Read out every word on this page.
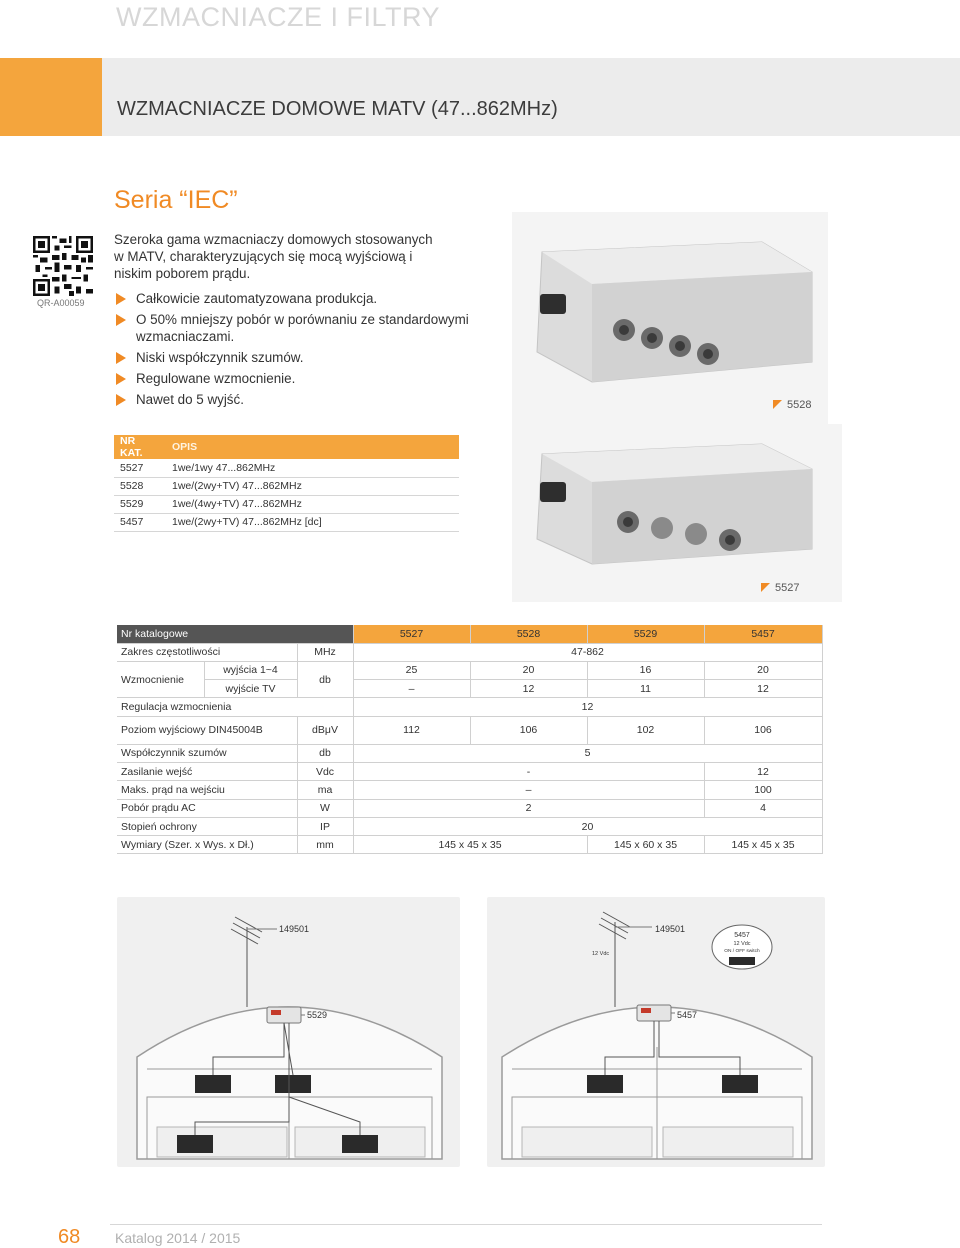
WZMACNIACZE I FILTRY
WZMACNIACZE DOMOWE MATV (47...862MHz)
Seria “IEC”
QR-A00059
Szeroka gama wzmacniaczy domowych stosowanych w MATV, charakteryzujących się mocą wyjściową i niskim poborem prądu.
Całkowicie zautomatyzowana produkcja.
O 50% mniejszy pobór w porównaniu ze standardowymi wzmacniaczami.
Niski współczynnik szumów.
Regulowane wzmocnienie.
Nawet do 5 wyjść.	5528
5527
NR KAT.	OPIS
5527	1we/1wy 47...862MHz
5528	1we/(2wy+TV) 47...862MHz
5529	1we/(4wy+TV) 47...862MHz
5457	1we/(2wy+TV) 47...862MHz [dc]
Nr katalogowe			5527	5528	5529	5457
Zakres częstotliwości		MHz	47-862			
Wzmocnienie	wyjścia 1~4	db	25	20	16	20
	wyjście TV		–	12	11	12
Regulacja wzmocnienia			12			
Poziom wyjściowy DIN45004B		dBμV	112	106	102	106
Współczynnik szumów		db	5			
Zasilanie wejść		Vdc	-			12
Maks. prąd na wejściu		ma	–			100
Pobór prądu AC		W	2			4
Stopień ochrony		IP	20			
Wymiary (Szer. x Wys. x Dł.)		mm	145 x 45 x 35		145 x 60 x 35	145 x 45 x 35
149501
5529
149501
12 Vdc
5457
12 Vdc
ON / OFF switch
5457
68 Katalog 2014 / 2015
